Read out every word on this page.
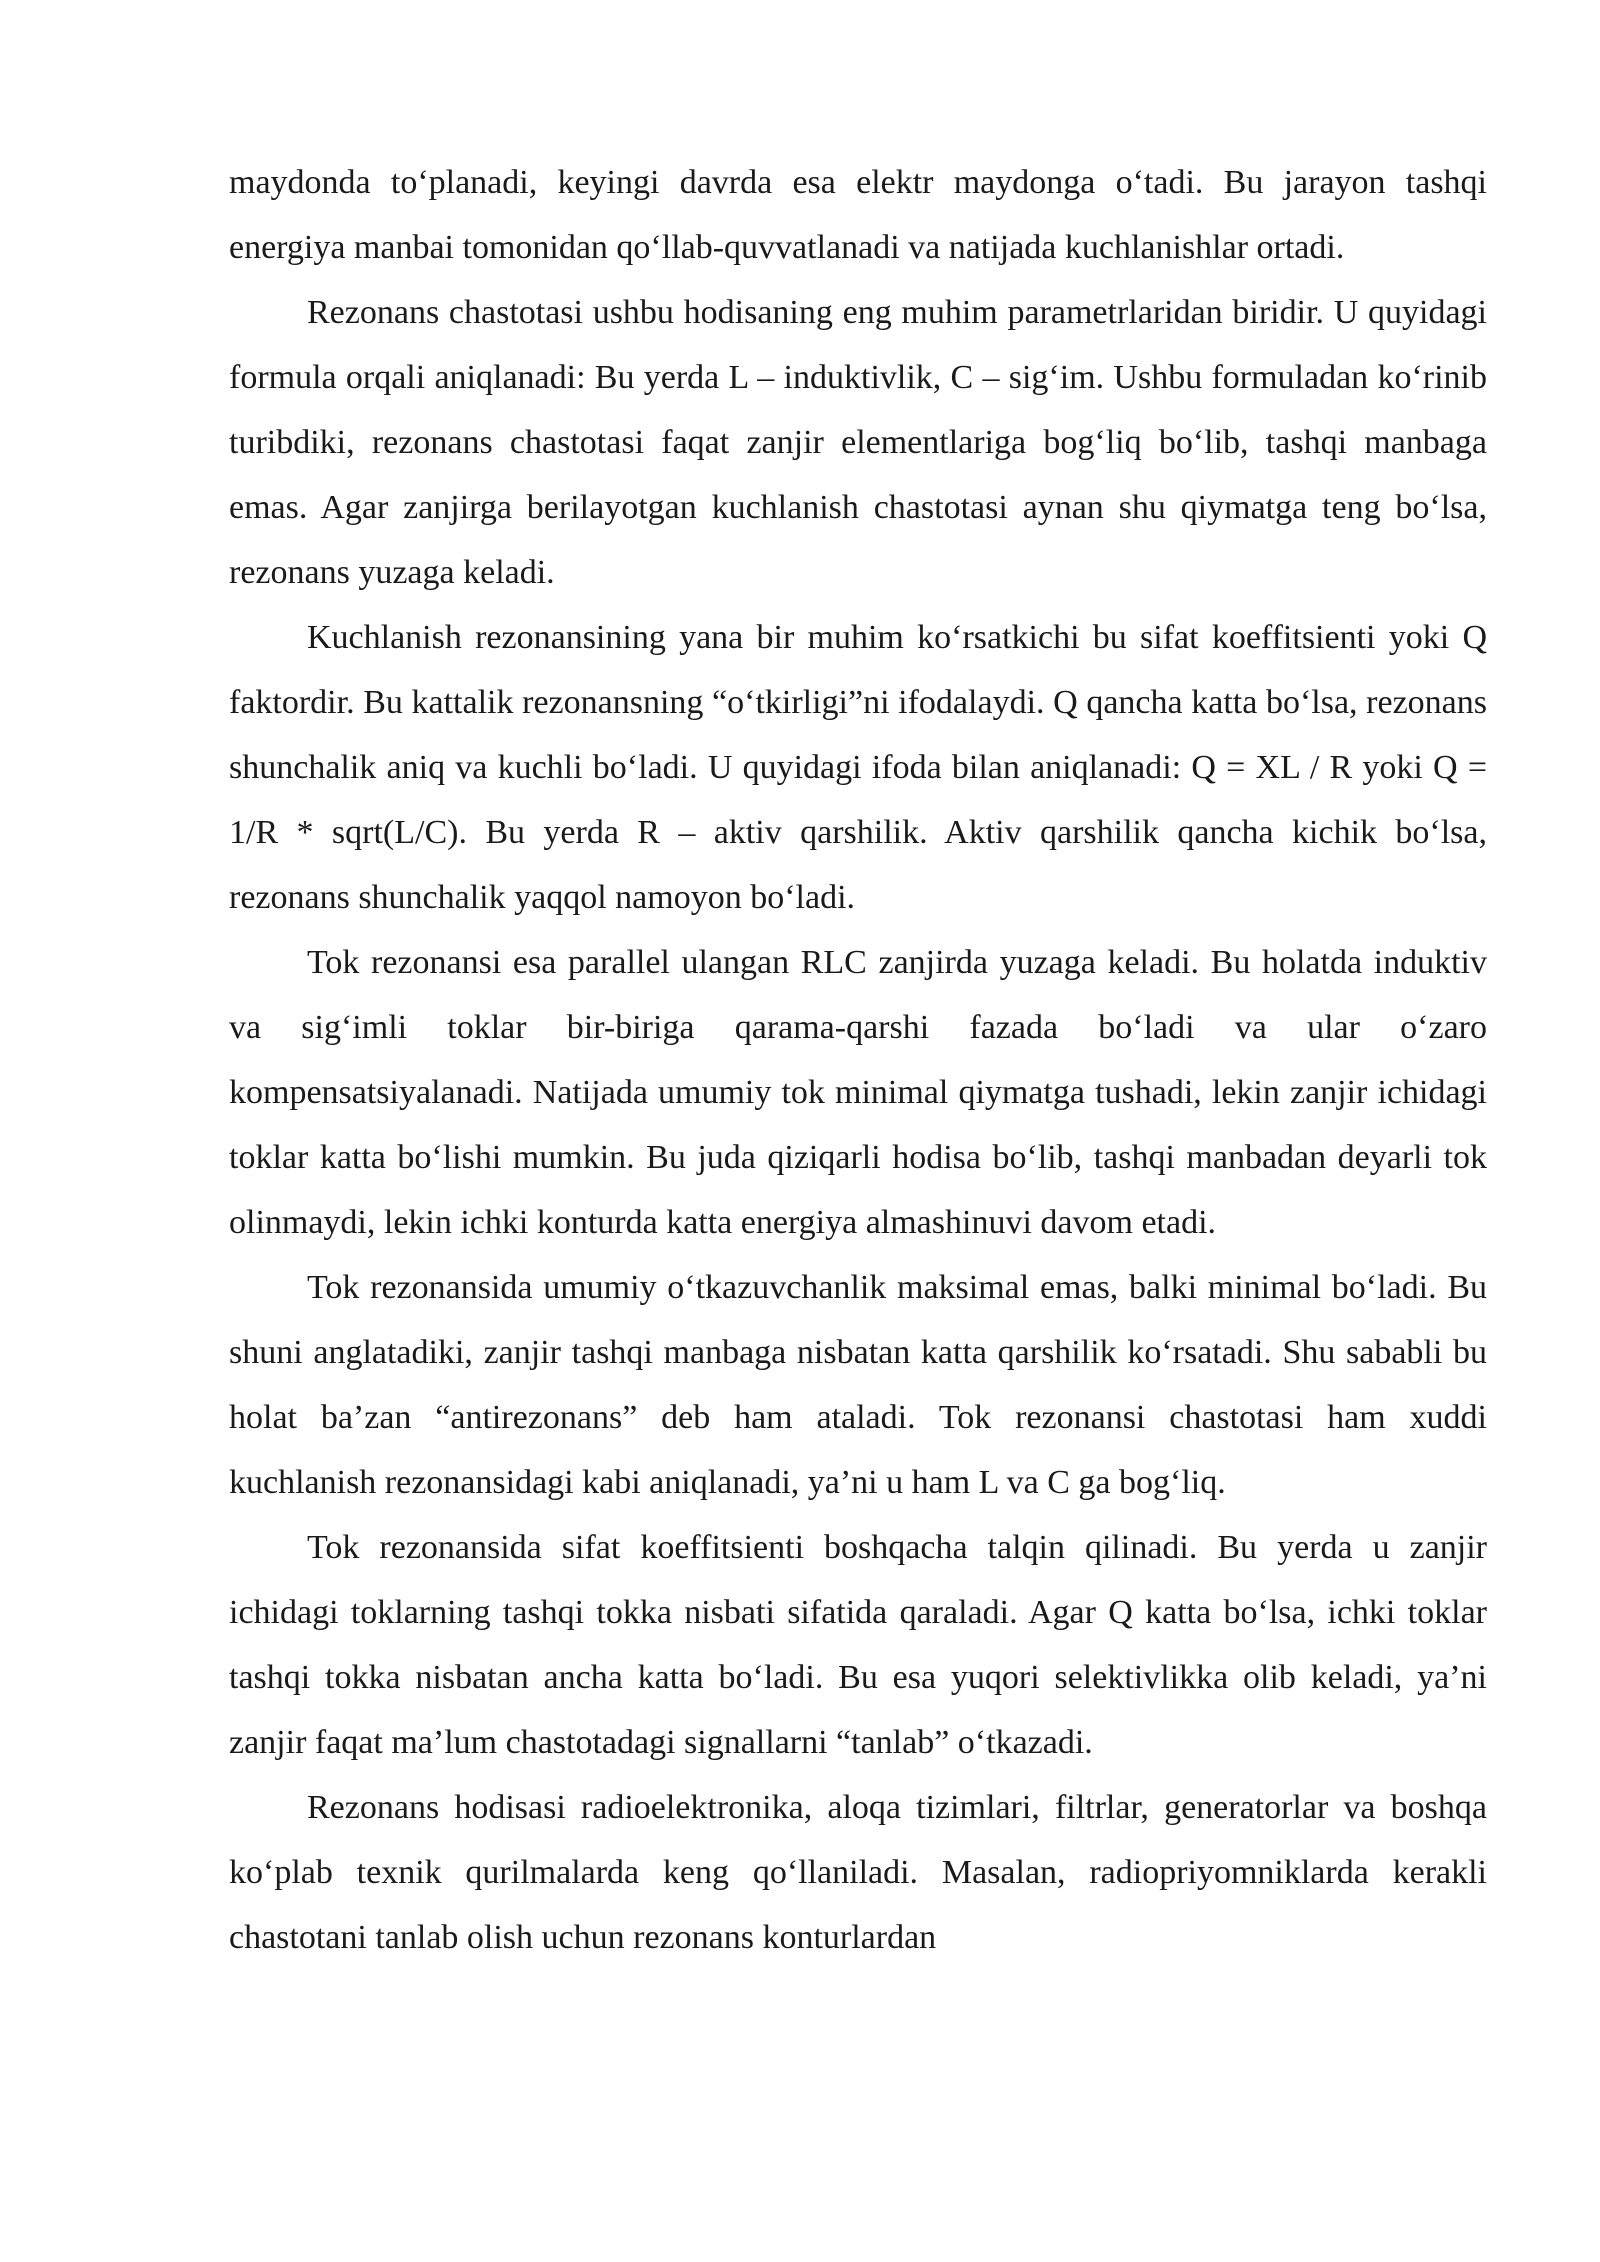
maydonda to‘planadi, keyingi davrda esa elektr maydonga o‘tadi. Bu jarayon tashqi energiya manbai tomonidan qo‘llab-quvvatlanadi va natijada kuchlanishlar ortadi.

Rezonans chastotasi ushbu hodisaning eng muhim parametrlaridan biridir. U quyidagi formula orqali aniqlanadi: Bu yerda L – induktivlik, C – sig‘im. Ushbu formuladan ko‘rinib turibdiki, rezonans chastotasi faqat zanjir elementlariga bog‘liq bo‘lib, tashqi manbaga emas. Agar zanjirga berilayotgan kuchlanish chastotasi aynan shu qiymatga teng bo‘lsa, rezonans yuzaga keladi.

Kuchlanish rezonansining yana bir muhim ko‘rsatkichi bu sifat koeffitsienti yoki Q faktordir. Bu kattalik rezonansning “o‘tkirligi”ni ifodalaydi. Q qancha katta bo‘lsa, rezonans shunchalik aniq va kuchli bo‘ladi. U quyidagi ifoda bilan aniqlanadi: Q = XL / R yoki Q = 1/R * sqrt(L/C). Bu yerda R – aktiv qarshilik. Aktiv qarshilik qancha kichik bo‘lsa, rezonans shunchalik yaqqol namoyon bo‘ladi.

Tok rezonansi esa parallel ulangan RLC zanjirda yuzaga keladi. Bu holatda induktiv va sig‘imli toklar bir-biriga qarama-qarshi fazada bo‘ladi va ular o‘zaro kompensatsiyalanadi. Natijada umumiy tok minimal qiymatga tushadi, lekin zanjir ichidagi toklar katta bo‘lishi mumkin. Bu juda qiziqarli hodisa bo‘lib, tashqi manbadan deyarli tok olinmaydi, lekin ichki konturda katta energiya almashinuvi davom etadi.

Tok rezonansida umumiy o‘tkazuvchanlik maksimal emas, balki minimal bo‘ladi. Bu shuni anglatadiki, zanjir tashqi manbaga nisbatan katta qarshilik ko‘rsatadi. Shu sababli bu holat ba’zan “antirezonans” deb ham ataladi. Tok rezonansi chastotasi ham xuddi kuchlanish rezonansidagi kabi aniqlanadi, ya’ni u ham L va C ga bog‘liq.

Tok rezonansida sifat koeffitsienti boshqacha talqin qilinadi. Bu yerda u zanjir ichidagi toklarning tashqi tokka nisbati sifatida qaraladi. Agar Q katta bo‘lsa, ichki toklar tashqi tokka nisbatan ancha katta bo‘ladi. Bu esa yuqori selektivlikka olib keladi, ya’ni zanjir faqat ma’lum chastotadagi signallarni “tanlab” o‘tkazadi.

Rezonans hodisasi radioelektronika, aloqa tizimlari, filtrlar, generatorlar va boshqa ko‘plab texnik qurilmalarda keng qo‘llaniladi. Masalan, radiopriyomniklarda kerakli chastotani tanlab olish uchun rezonans konturlardan
